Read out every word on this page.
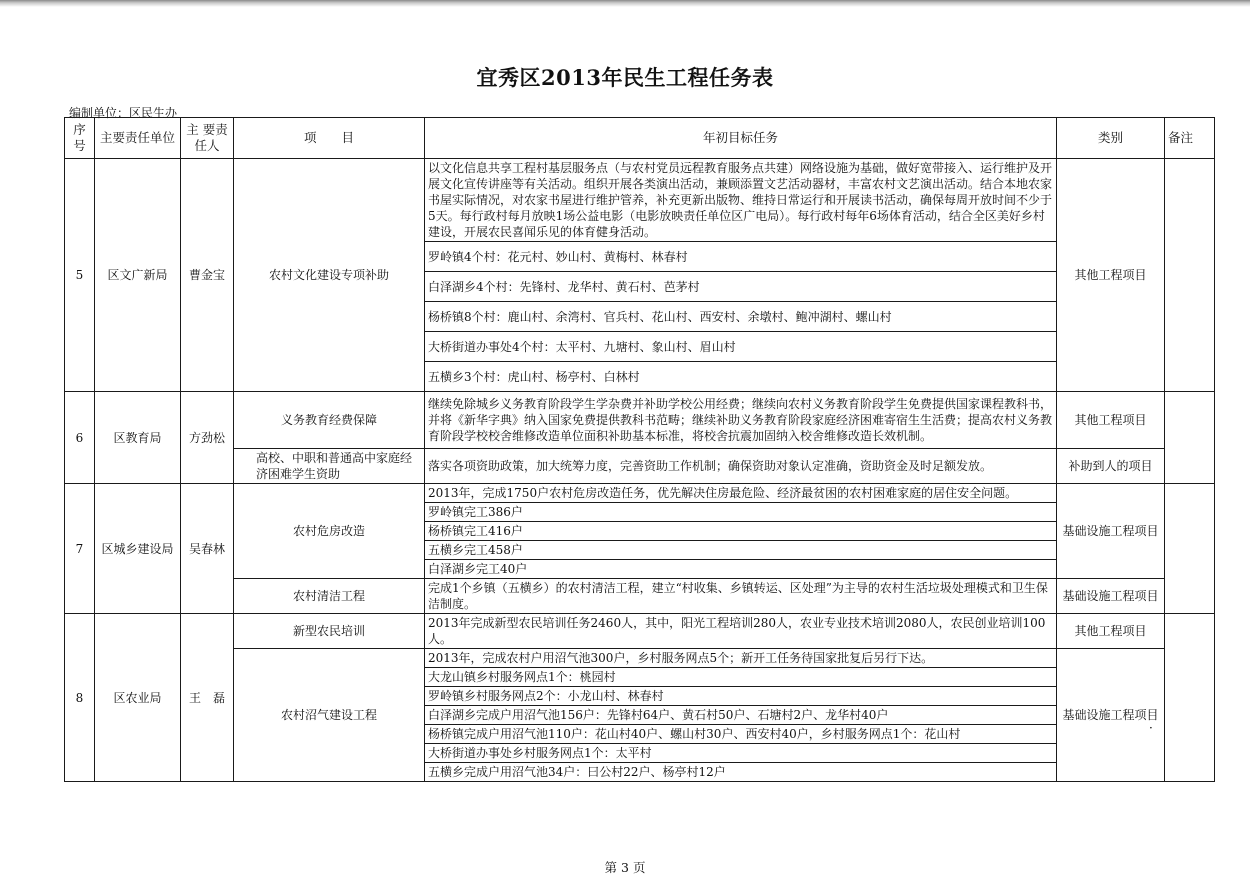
宜秀区2013年民生工程任务表
编制单位：区民生办
序号	主要责任单位	主 要责任人	项　　目	年初目标任务	类别	备注
5	区文广新局	曹金宝	农村文化建设专项补助	以文化信息共享工程村基层服务点（与农村党员远程教育服务点共建）网络设施为基础，做好宽带接入、运行维护及开展文化宣传讲座等有关活动。组织开展各类演出活动，兼顾添置文艺活动器材，丰富农村文艺演出活动。结合本地农家书屋实际情况，对农家书屋进行维护管养，补充更新出版物、维持日常运行和开展读书活动，确保每周开放时间不少于5天。每行政村每月放映1场公益电影（电影放映责任单位区广电局）。每行政村每年6场体育活动，结合全区美好乡村建设，开展农民喜闻乐见的体育健身活动。	其他工程项目	
				罗岭镇4个村：花元村、妙山村、黄梅村、林春村		
				白泽湖乡4个村：先锋村、龙华村、黄石村、芭茅村		
				杨桥镇8个村：鹿山村、余湾村、官兵村、花山村、西安村、余墩村、鲍冲湖村、螺山村		
				大桥街道办事处4个村：太平村、九塘村、象山村、眉山村		
				五横乡3个村：虎山村、杨亭村、白林村		
6	区教育局	方劲松	义务教育经费保障	继续免除城乡义务教育阶段学生学杂费并补助学校公用经费；继续向农村义务教育阶段学生免费提供国家课程教科书，并将《新华字典》纳入国家免费提供教科书范畴；继续补助义务教育阶段家庭经济困难寄宿生生活费；提高农村义务教育阶段学校校舍维修改造单位面积补助基本标准，将校舍抗震加固纳入校舍维修改造长效机制。	其他工程项目	
			高校、中职和普通高中家庭经济困难学生资助	落实各项资助政策，加大统筹力度，完善资助工作机制；确保资助对象认定准确，资助资金及时足额发放。	补助到人的项目	
7	区城乡建设局	吴春林	农村危房改造	2013年，完成1750户农村危房改造任务，优先解决住房最危险、经济最贫困的农村困难家庭的居住安全问题。	基础设施工程项目	
				罗岭镇完工386户		
				杨桥镇完工416户		
				五横乡完工458户		
				白泽湖乡完工40户		
			农村清洁工程	完成1个乡镇（五横乡）的农村清洁工程，建立“村收集、乡镇转运、区处理”为主导的农村生活垃圾处理模式和卫生保洁制度。	基础设施工程项目	
8	区农业局	王　磊	新型农民培训	2013年完成新型农民培训任务2460人，其中，阳光工程培训280人，农业专业技术培训2080人，农民创业培训100人。	其他工程项目	
			农村沼气建设工程	2013年，完成农村户用沼气池300户，乡村服务网点5个；新开工任务待国家批复后另行下达。	基础设施工程项目	
				大龙山镇乡村服务网点1个：桃园村		
				罗岭镇乡村服务网点2个：小龙山村、林春村		
				白泽湖乡完成户用沼气池156户：先锋村64户、黄石村50户、石塘村2户、龙华村40户		
				杨桥镇完成户用沼气池110户：花山村40户、螺山村30户、西安村40户，乡村服务网点1个：花山村		
				大桥街道办事处乡村服务网点1个：太平村		
				五横乡完成户用沼气池34户：曰公村22户、杨亭村12户		
·
第 3 页
